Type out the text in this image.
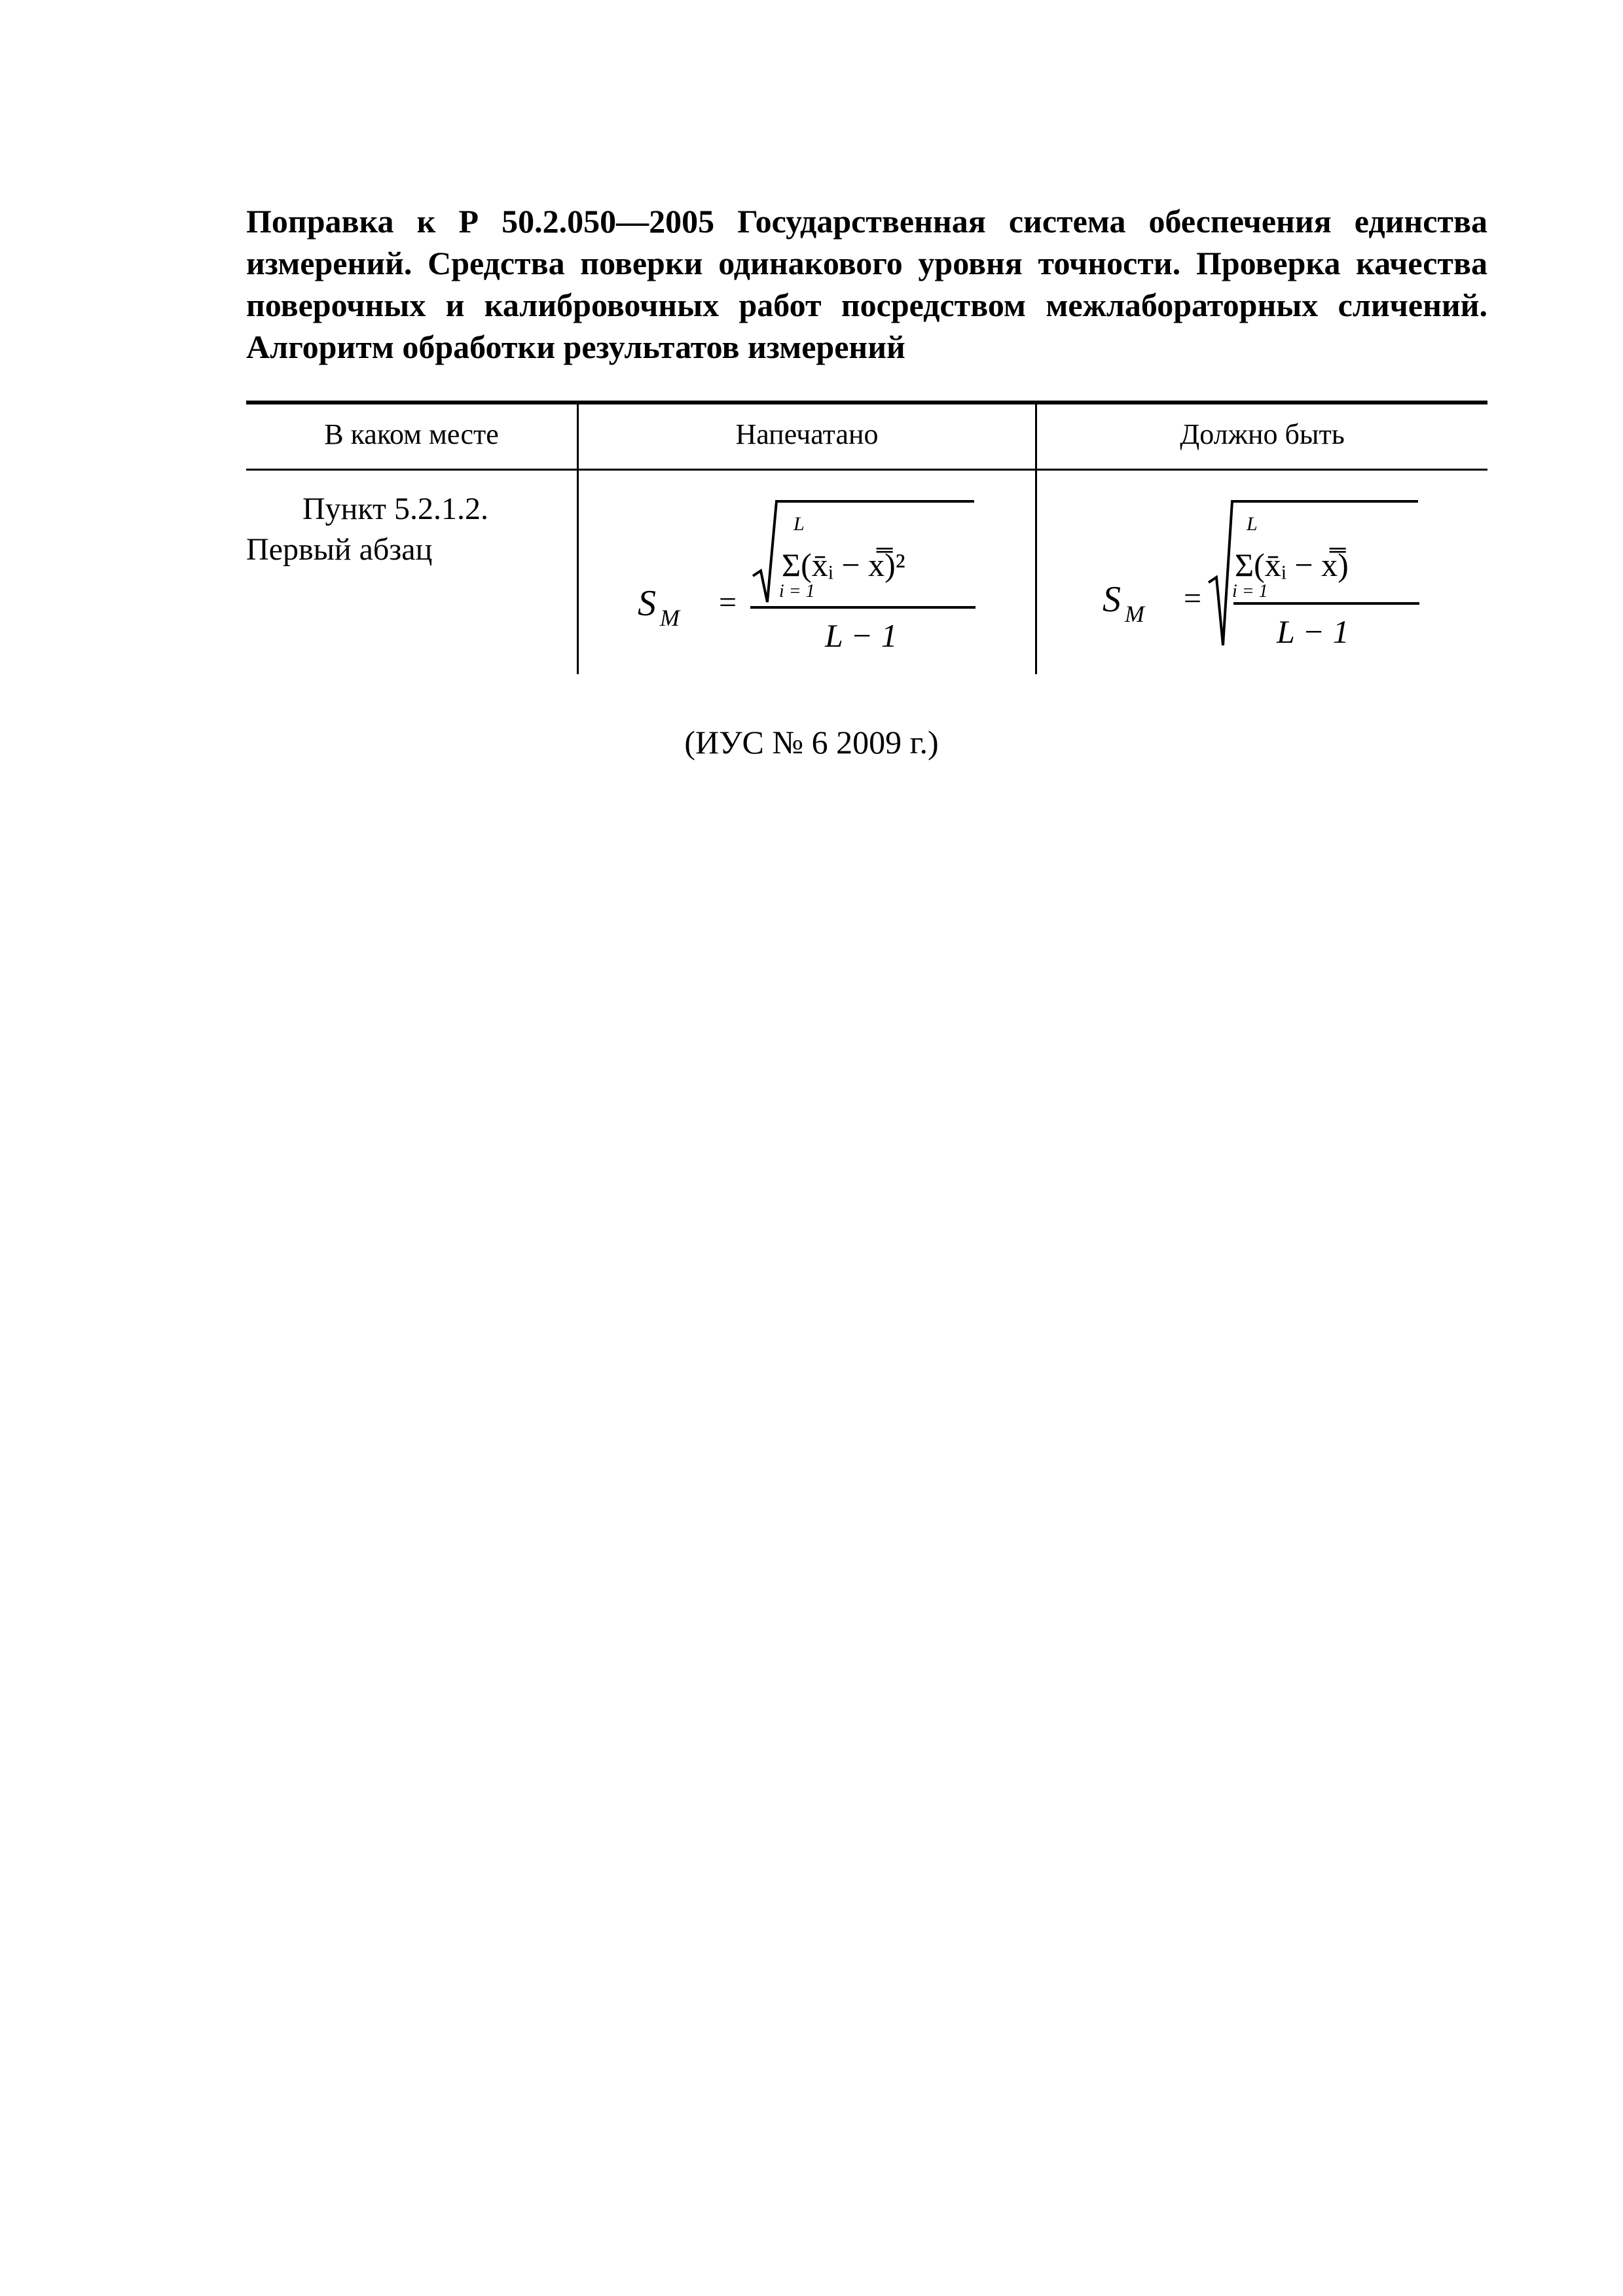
Поправка к Р 50.2.050—2005 Государственная система обеспечения единства измерений. Средства поверки одинакового уровня точности. Проверка качества поверочных и калибровочных работ посредством межлабораторных сличений. Алгоритм обработки результатов измерений
В каком месте	Напечатано	Должно быть
Пункт 5.2.1.2.
Первый абзац
S M =
L
Σ(x̄ᵢ − x̿)²
i = 1
L − 1
S M =
L
Σ(x̄ᵢ − x̿)
i = 1
L − 1
(ИУС № 6 2009 г.)
